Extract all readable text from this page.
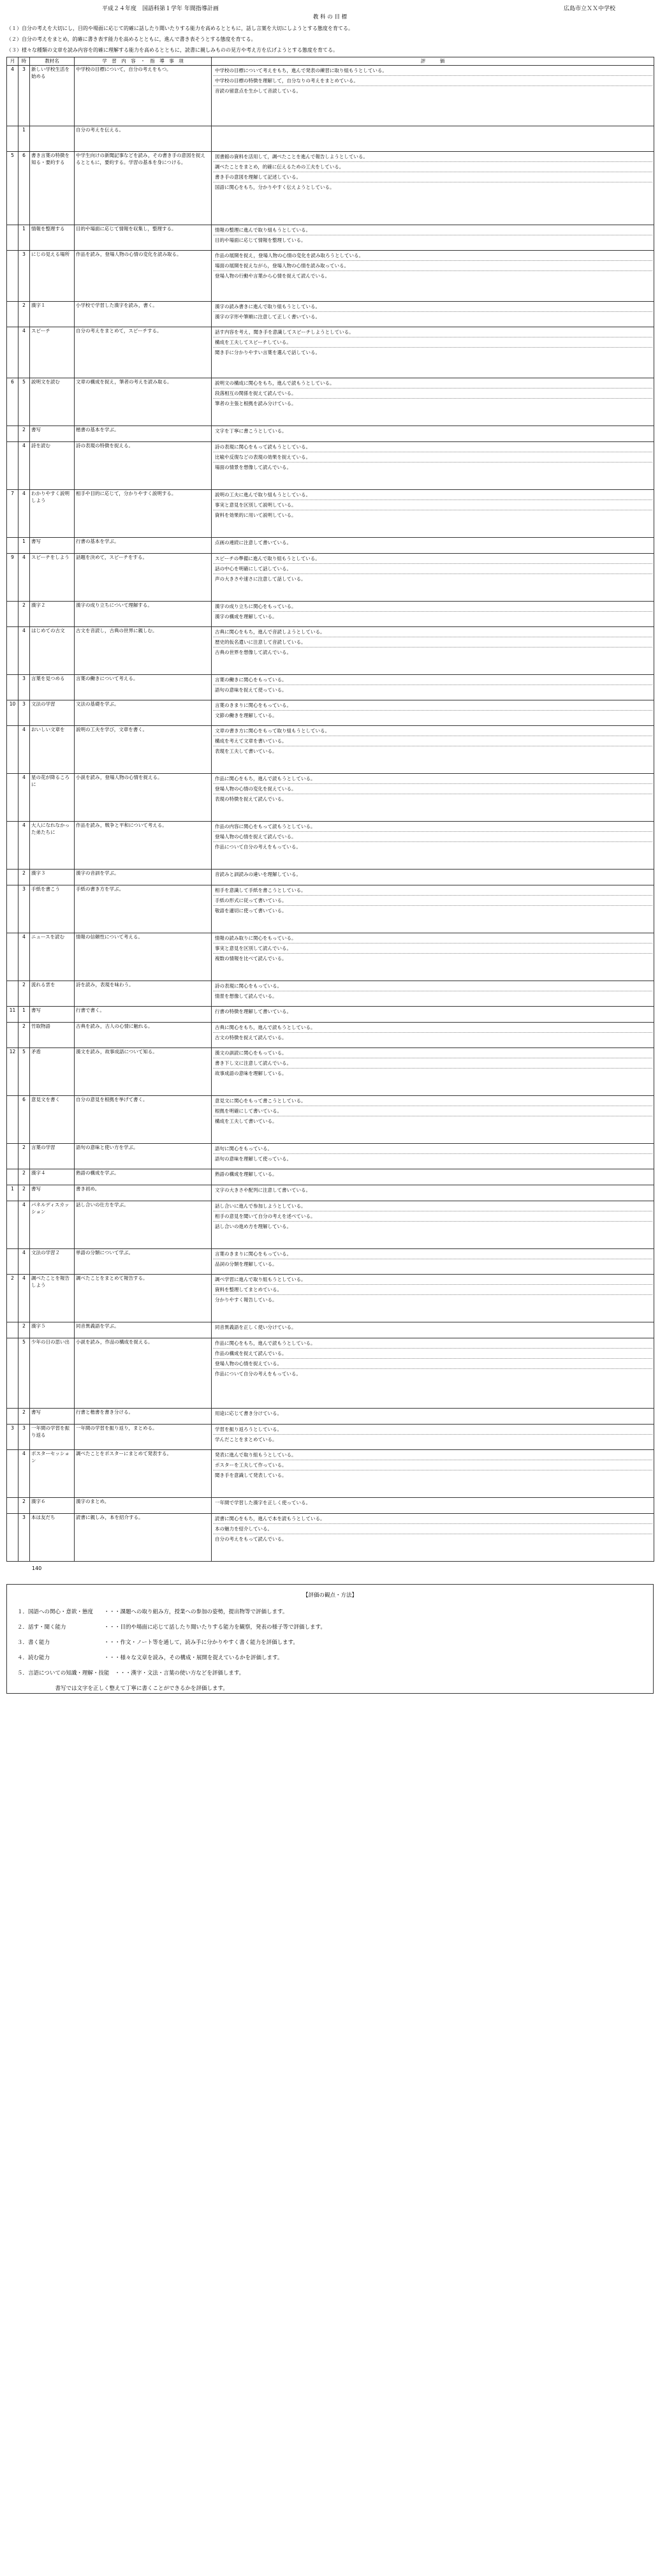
平成２４年度　国語科第１学年 年間指導計画	広島市立ＸＸ中学校
教 科 の 目 標
（１）自分の考えを大切にし，目的や場面に応じて的確に話したり聞いたりする能力を高めるとともに，話し言葉を大切にしようとする態度を育てる。
（２）自分の考えをまとめ，的確に書き表す能力を高めるとともに，進んで書き表そうとする態度を育てる。
（３）様々な種類の文章を読み内容を的確に理解する能力を高めるとともに，読書に親しみものの見方や考え方を広げようとする態度を育てる。
月	時	教材名	学　習　内　容　・　指　導　事　項	評　　　価
4	3	新しい学校生活を始める	中学校の目標について，自分の考えをもつ。	中学校の目標について考えをもち，進んで発表の練習に取り組もうとしている。
中学校の目標の特徴を理解して，自分なりの考えをまとめている。
音読の留意点を生かして音読している。

	1		自分の考えを伝える。	
5	6	書き言葉の特徴を知る・要約する	中学生向けの新聞記事などを読み，その書き手の意図を捉えるとともに，要約する。学習の基本を身につける。	図書館の資料を活用して，調べたことを進んで報告しようとしている。
調べたことをまとめ，的確に伝えるための工夫をしている。
書き手の意図を理解して記述している。
国語に関心をもち，分かりやすく伝えようとしている。

	1	情報を整理する	目的や場面に応じて情報を収集し，整理する。	情報の整理に進んで取り組もうとしている。
目的や場面に応じて情報を整理している。

	3	にじの見える場所	作品を読み，登場人物の心情の変化を読み取る。	作品の展開を捉え，登場人物の心情の変化を読み取ろうとしている。
場面の展開を捉えながら，登場人物の心情を読み取っている。
登場人物の行動や言葉から心情を捉えて読んでいる。

	2	漢字１	小学校で学習した漢字を読み，書く。	漢字の読み書きに進んで取り組もうとしている。
漢字の字形や筆順に注意して正しく書いている。

	4	スピーチ	自分の考えをまとめて，スピーチする。	話す内容を考え，聞き手を意識してスピーチしようとしている。
構成を工夫してスピーチしている。
聞き手に分かりやすい言葉を選んで話している。

6	5	説明文を読む	文章の構成を捉え，筆者の考えを読み取る。	説明文の構成に関心をもち，進んで読もうとしている。
段落相互の関係を捉えて読んでいる。
筆者の主張と根拠を読み分けている。

	2	書写	楷書の基本を学ぶ。	文字を丁寧に書こうとしている。

	4	詩を読む	詩の表現の特徴を捉える。	詩の表現に関心をもって読もうとしている。
比喩や反復などの表現の効果を捉えている。
場面の情景を想像して読んでいる。

7	4	わかりやすく説明しよう	相手や目的に応じて，分かりやすく説明する。	説明の工夫に進んで取り組もうとしている。
事実と意見を区別して説明している。
資料を効果的に用いて説明している。

	1	書写	行書の基本を学ぶ。	点画の連続に注意して書いている。

9	4	スピーチをしよう	話題を決めて，スピーチをする。	スピーチの準備に進んで取り組もうとしている。
話の中心を明確にして話している。
声の大きさや速さに注意して話している。

	2	漢字２	漢字の成り立ちについて理解する。	漢字の成り立ちに関心をもっている。
漢字の構成を理解している。

	4	はじめての古文	古文を音読し，古典の世界に親しむ。	古典に関心をもち，進んで音読しようとしている。
歴史的仮名遣いに注意して音読している。
古典の世界を想像して読んでいる。

	3	言葉を見つめる	言葉の働きについて考える。	言葉の働きに関心をもっている。
語句の意味を捉えて使っている。

10	3	文法の学習	文法の基礎を学ぶ。	言葉のきまりに関心をもっている。
文節の働きを理解している。

	4	おいしい文章を	説明の工夫を学び，文章を書く。	文章の書き方に関心をもって取り組もうとしている。
構成を考えて文章を書いている。
表現を工夫して書いている。

	4	星の花が降るころに	小説を読み，登場人物の心情を捉える。	作品に関心をもち，進んで読もうとしている。
登場人物の心情の変化を捉えている。
表現の特徴を捉えて読んでいる。

	4	大人になれなかった弟たちに	作品を読み，戦争と平和について考える。	作品の内容に関心をもって読もうとしている。
登場人物の心情を捉えて読んでいる。
作品について自分の考えをもっている。

	2	漢字３	漢字の音訓を学ぶ。	音読みと訓読みの違いを理解している。

	3	手紙を書こう	手紙の書き方を学ぶ。	相手を意識して手紙を書こうとしている。
手紙の形式に従って書いている。
敬語を適切に使って書いている。

	4	ニュースを読む	情報の信頼性について考える。	情報の読み取りに関心をもっている。
事実と意見を区別して読んでいる。
複数の情報を比べて読んでいる。

	2	流れる雲を	詩を読み，表現を味わう。	詩の表現に関心をもっている。
情景を想像して読んでいる。

11	1	書写	行書で書く。	行書の特徴を理解して書いている。

	2	竹取物語	古典を読み，古人の心情に触れる。	古典に関心をもち，進んで読もうとしている。
古文の特徴を捉えて読んでいる。

12	5	矛盾	漢文を読み，故事成語について知る。	漢文の訓読に関心をもっている。
書き下し文に注意して読んでいる。
故事成語の意味を理解している。

	6	意見文を書く	自分の意見を根拠を挙げて書く。	意見文に関心をもって書こうとしている。
根拠を明確にして書いている。
構成を工夫して書いている。

	2	言葉の学習	語句の意味と使い方を学ぶ。	語句に関心をもっている。
語句の意味を理解して使っている。

	2	漢字４	熟語の構成を学ぶ。	熟語の構成を理解している。

1	2	書写	書き初め。	文字の大きさや配列に注意して書いている。

	4	パネルディスカッション	話し合いの仕方を学ぶ。	話し合いに進んで参加しようとしている。
相手の意見を聞いて自分の考えを述べている。
話し合いの進め方を理解している。

	4	文法の学習２	単語の分類について学ぶ。	言葉のきまりに関心をもっている。
品詞の分類を理解している。

2	4	調べたことを報告しよう	調べたことをまとめて報告する。	調べ学習に進んで取り組もうとしている。
資料を整理してまとめている。
分かりやすく報告している。

	2	漢字５	同音異義語を学ぶ。	同音異義語を正しく使い分けている。

	5	少年の日の思い出	小説を読み，作品の構成を捉える。	作品に関心をもち，進んで読もうとしている。
作品の構成を捉えて読んでいる。
登場人物の心情を捉えている。
作品について自分の考えをもっている。

	2	書写	行書と楷書を書き分ける。	用途に応じて書き分けている。

3	3	一年間の学習を振り返る	一年間の学習を振り返り，まとめる。	学習を振り返ろうとしている。
学んだことをまとめている。

	4	ポスターセッション	調べたことをポスターにまとめて発表する。	発表に進んで取り組もうとしている。
ポスターを工夫して作っている。
聞き手を意識して発表している。

	2	漢字６	漢字のまとめ。	一年間で学習した漢字を正しく使っている。

	3	本は友だち	読書に親しみ，本を紹介する。	読書に関心をもち，進んで本を読もうとしている。
本の魅力を紹介している。
自分の考えをもって読んでいる。
140
【評価の観点・方法】
１．国語への関心・意欲・態度　　・・・課題への取り組み方，授業への参加の姿勢，提出物等で評価します。
２．話す・聞く能力　　　　　　　・・・目的や場面に応じて話したり聞いたりする能力を観察，発表の様子等で評価します。
３．書く能力　　　　　　　　　　・・・作文・ノート等を通して，読み手に分かりやすく書く能力を評価します。
４．読む能力　　　　　　　　　　・・・様々な文章を読み，その構成・展開を捉えているかを評価します。
５．言語についての知識・理解・技能　・・・漢字・文法・言葉の使い方などを評価します。
　　　　　　　書写では文字を正しく整えて丁寧に書くことができるかを評価します。
